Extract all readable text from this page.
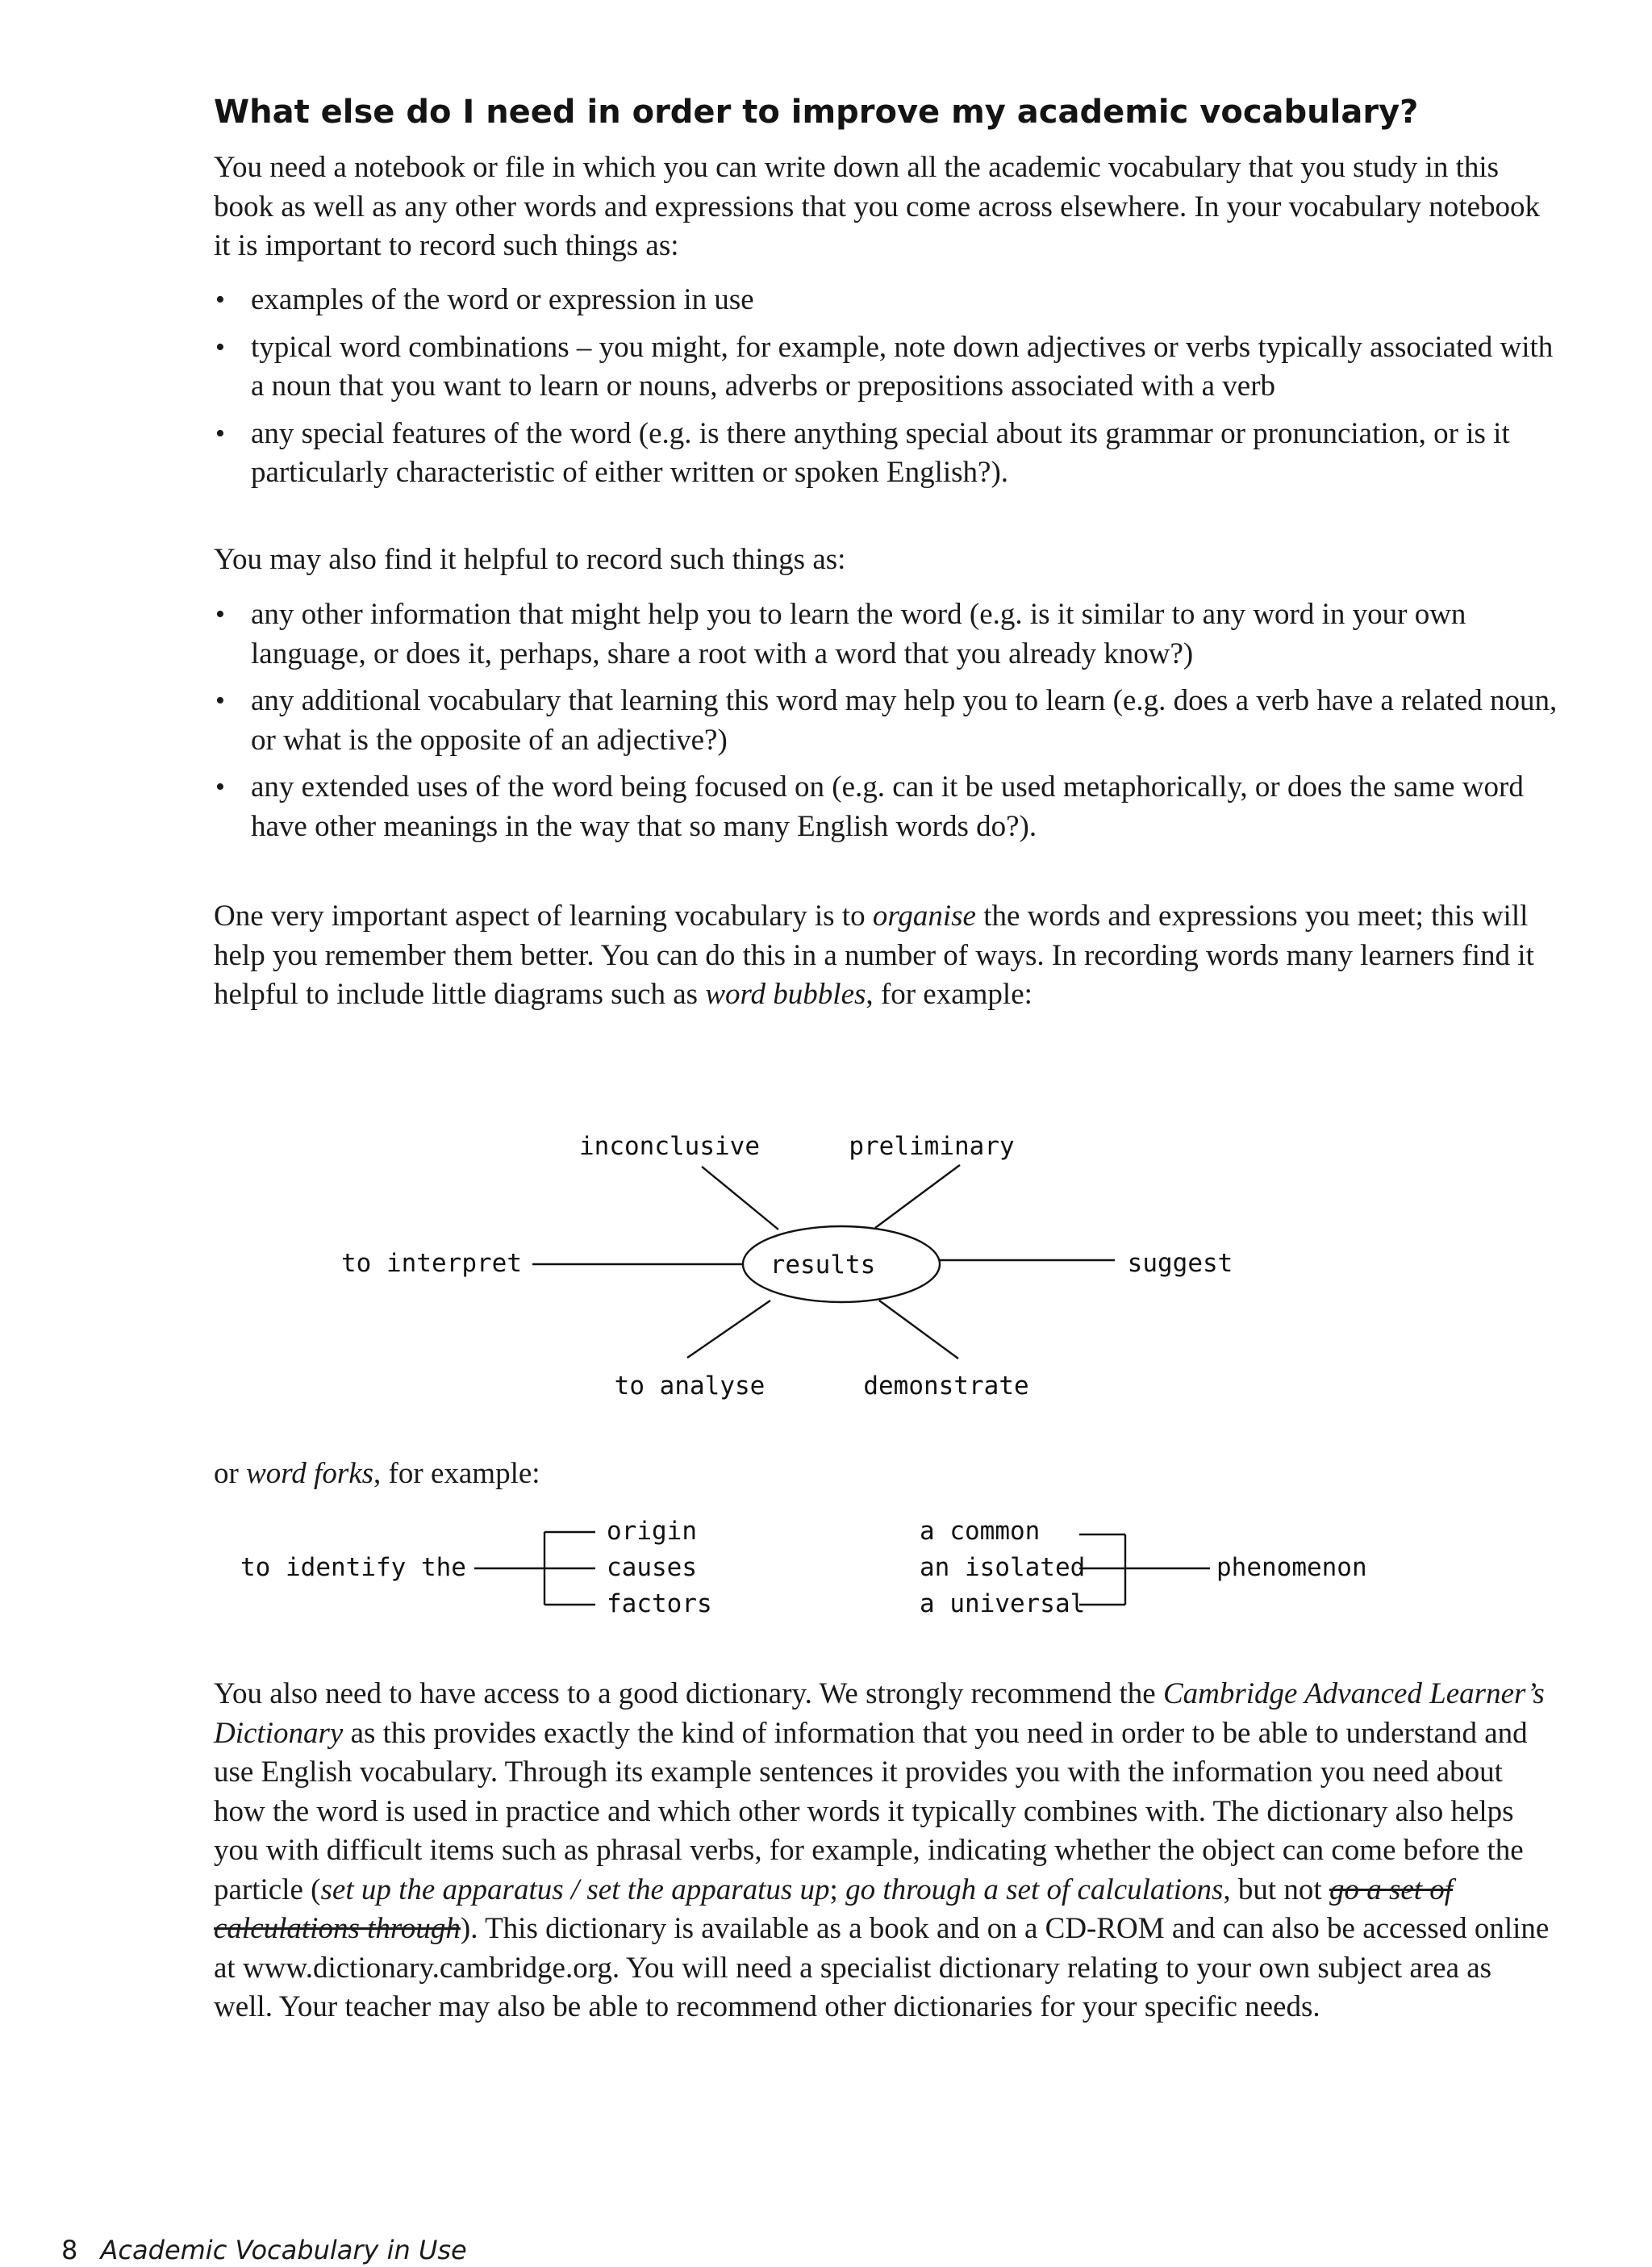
What else do I need in order to improve my academic vocabulary?

You need a notebook or file in which you can write down all the academic vocabulary that you study in this book as well as any other words and expressions that you come across elsewhere. In your vocabulary notebook it is important to record such things as:

• examples of the word or expression in use
• typical word combinations – you might, for example, note down adjectives or verbs typically associated with a noun that you want to learn or nouns, adverbs or prepositions associated with a verb
• any special features of the word (e.g. is there anything special about its grammar or pronunciation, or is it particularly characteristic of either written or spoken English?).

You may also find it helpful to record such things as:

• any other information that might help you to learn the word (e.g. is it similar to any word in your own language, or does it, perhaps, share a root with a word that you already know?)
• any additional vocabulary that learning this word may help you to learn (e.g. does a verb have a related noun, or what is the opposite of an adjective?)
• any extended uses of the word being focused on (e.g. can it be used metaphorically, or does the same word have other meanings in the way that so many English words do?).

One very important aspect of learning vocabulary is to organise the words and expressions you meet; this will help you remember them better. You can do this in a number of ways. In recording words many learners find it helpful to include little diagrams such as word bubbles, for example:

results
inconclusive	preliminary
to interpret	suggest
to analyse	demonstrate

or word forks, for example:

to identify the
origin
causes
factors
a common
an isolated
a universal
phenomenon

You also need to have access to a good dictionary. We strongly recommend the Cambridge Advanced Learner’s Dictionary as this provides exactly the kind of information that you need in order to be able to understand and use English vocabulary. Through its example sentences it provides you with the information you need about how the word is used in practice and which other words it typically combines with. The dictionary also helps you with difficult items such as phrasal verbs, for example, indicating whether the object can come before the particle (set up the apparatus / set the apparatus up; go through a set of calculations, but not go a set of calculations through). This dictionary is available as a book and on a CD-ROM and can also be accessed online at www.dictionary.cambridge.org. You will need a specialist dictionary relating to your own subject area as well. Your teacher may also be able to recommend other dictionaries for your specific needs.

8 Academic Vocabulary in Use
